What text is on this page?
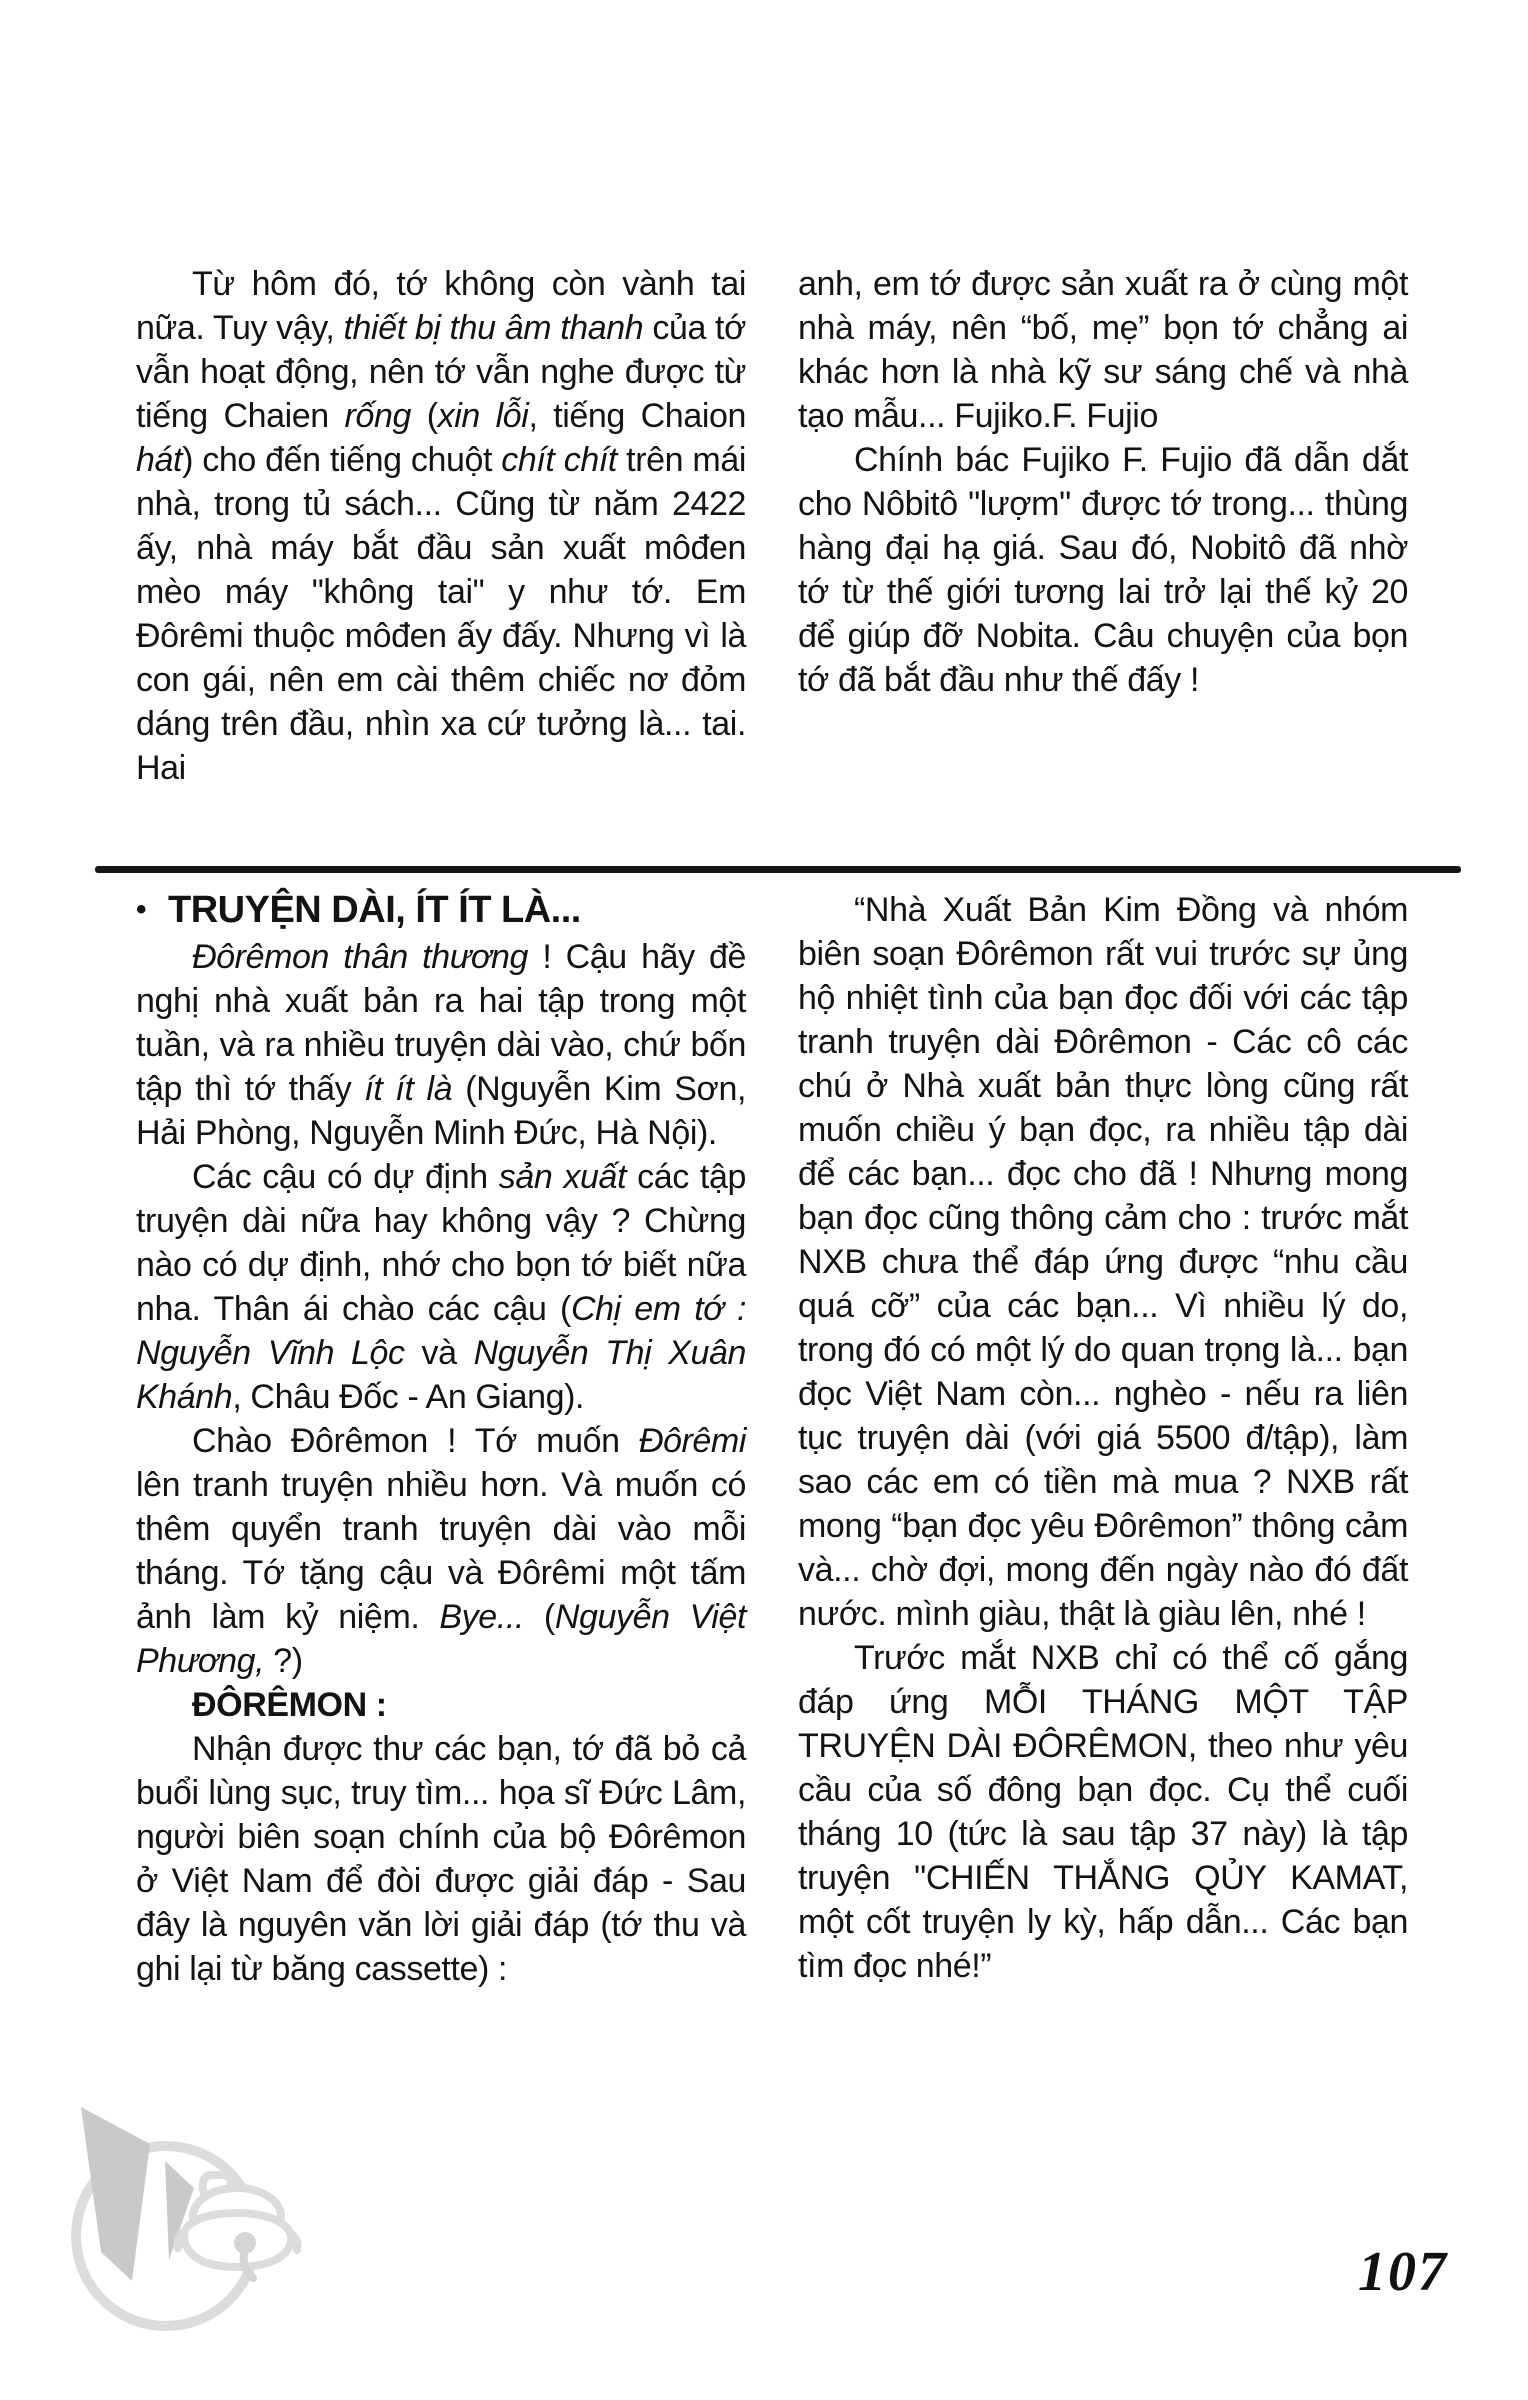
Từ hôm đó, tớ không còn vành tai nữa. Tuy vậy, thiết bị thu âm thanh của tớ vẫn hoạt động, nên tớ vẫn nghe được từ tiếng Chaien rống (xin lỗi, tiếng Chaion hát) cho đến tiếng chuột chít chít trên mái nhà, trong tủ sách... Cũng từ năm 2422 ấy, nhà máy bắt đầu sản xuất môđen mèo máy "không tai" y như tớ. Em Đôrêmi thuộc môđen ấy đấy. Nhưng vì là con gái, nên em cài thêm chiếc nơ đỏm dáng trên đầu, nhìn xa cứ tưởng là... tai. Hai

anh, em tớ được sản xuất ra ở cùng một nhà máy, nên “bố, mẹ” bọn tớ chẳng ai khác hơn là nhà kỹ sư sáng chế và nhà tạo mẫu... Fujiko.F. Fujio

Chính bác Fujiko F. Fujio đã dẫn dắt cho Nôbitô "lượm" được tớ trong... thùng hàng đại hạ giá. Sau đó, Nobitô đã nhờ tớ từ thế giới tương lai trở lại thế kỷ 20 để giúp đỡ Nobita. Câu chuyện của bọn tớ đã bắt đầu như thế đấy !

• TRUYỆN DÀI, ÍT ÍT LÀ...

Đôrêmon thân thương ! Cậu hãy đề nghị nhà xuất bản ra hai tập trong một tuần, và ra nhiều truyện dài vào, chứ bốn tập thì tớ thấy ít ít là (Nguyễn Kim Sơn, Hải Phòng, Nguyễn Minh Đức, Hà Nội).

Các cậu có dự định sản xuất các tập truyện dài nữa hay không vậy ? Chừng nào có dự định, nhớ cho bọn tớ biết nữa nha. Thân ái chào các cậu (Chị em tớ : Nguyễn Vĩnh Lộc và Nguyễn Thị Xuân Khánh, Châu Đốc - An Giang).

Chào Đôrêmon ! Tớ muốn Đôrêmi lên tranh truyện nhiều hơn. Và muốn có thêm quyển tranh truyện dài vào mỗi tháng. Tớ tặng cậu và Đôrêmi một tấm ảnh làm kỷ niệm. Bye... (Nguyễn Việt Phương, ?)

ĐÔRÊMON :

Nhận được thư các bạn, tớ đã bỏ cả buổi lùng sục, truy tìm... họa sĩ Đức Lâm, người biên soạn chính của bộ Đôrêmon ở Việt Nam để đòi được giải đáp - Sau đây là nguyên văn lời giải đáp (tớ thu và ghi lại từ băng cassette) :

“Nhà Xuất Bản Kim Đồng và nhóm biên soạn Đôrêmon rất vui trước sự ủng hộ nhiệt tình của bạn đọc đối với các tập tranh truyện dài Đôrêmon - Các cô các chú ở Nhà xuất bản thực lòng cũng rất muốn chiều ý bạn đọc, ra nhiều tập dài để các bạn... đọc cho đã ! Nhưng mong bạn đọc cũng thông cảm cho : trước mắt NXB chưa thể đáp ứng được “nhu cầu quá cỡ” của các bạn... Vì nhiều lý do, trong đó có một lý do quan trọng là... bạn đọc Việt Nam còn... nghèo - nếu ra liên tục truyện dài (với giá 5500 đ/tập), làm sao các em có tiền mà mua ? NXB rất mong “bạn đọc yêu Đôrêmon” thông cảm và... chờ đợi, mong đến ngày nào đó đất nước. mình giàu, thật là giàu lên, nhé !

Trước mắt NXB chỉ có thể cố gắng đáp ứng MỖI THÁNG MỘT TẬP TRUYỆN DÀI ĐÔRÊMON, theo như yêu cầu của số đông bạn đọc. Cụ thể cuối tháng 10 (tức là sau tập 37 này) là tập truyện "CHIẾN THẮNG QỦY KAMAT, một cốt truyện ly kỳ, hấp dẫn... Các bạn tìm đọc nhé!”

107
